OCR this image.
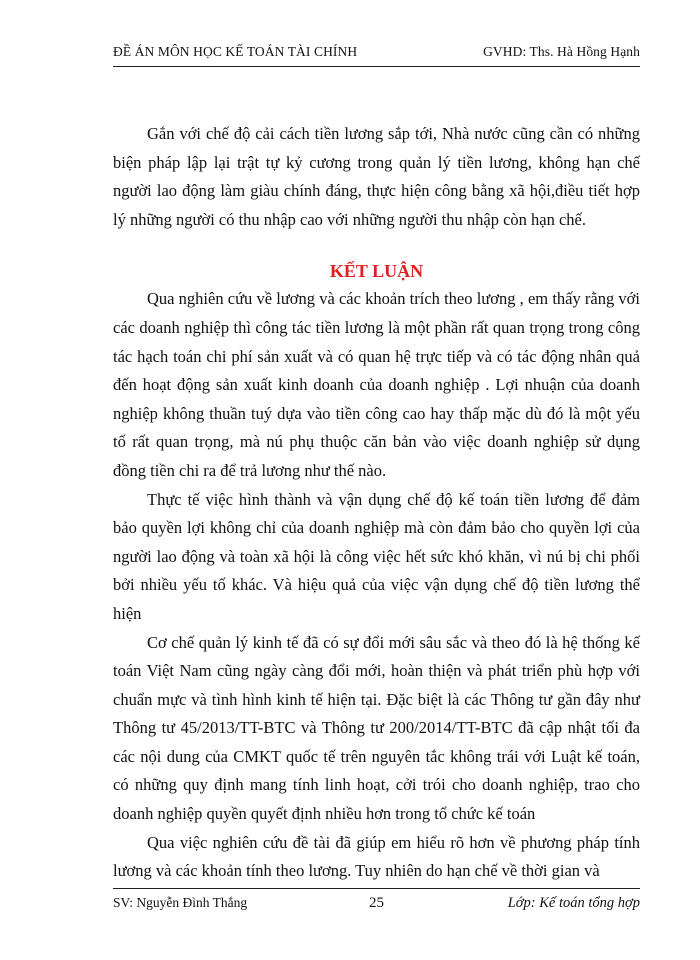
ĐỀ ÁN MÔN HỌC KẾ TOÁN TÀI CHÍNH	GVHD: Ths. Hà Hồng Hạnh

Gắn với chế độ cải cách tiền lương sắp tới, Nhà nước cũng cần có những biện pháp lập lại trật tự kỷ cương trong quản lý tiền lương, không hạn chế người lao động làm giàu chính đáng, thực hiện công bằng xã hội,điều tiết hợp lý những người có thu nhập cao với những người thu nhập còn hạn chế.

KẾT LUẬN

Qua nghiên cứu về lương và các khoản trích theo lương , em thấy rằng với các doanh nghiệp thì công tác tiền lương là một phần rất quan trọng trong công tác hạch toán chi phí sản xuất và có quan hệ trực tiếp và có tác động nhân quả đến hoạt động sản xuất kinh doanh của doanh nghiệp . Lợi nhuận của doanh nghiệp không thuần tuý dựa vào tiền công cao hay thấp mặc dù đó là một yếu tố rất quan trọng, mà nú phụ thuộc căn bản vào việc doanh nghiệp sử dụng đồng tiền chi ra để trả lương như thế nào.

Thực tế việc hình thành và vận dụng chế độ kế toán tiền lương để đảm bảo quyền lợi không chỉ của doanh nghiệp mà còn đảm bảo cho quyền lợi của người lao động và toàn xã hội là công việc hết sức khó khăn, vì nú bị chi phối bởi nhiều yếu tố khác. Và hiệu quả của việc vận dụng chế độ tiền lương thể hiện

Cơ chế quản lý kinh tế đã có sự đổi mới sâu sắc và theo đó là hệ thống kế toán Việt Nam cũng ngày càng đổi mới, hoàn thiện và phát triển phù hợp với chuẩn mực và tình hình kinh tế hiện tại. Đặc biệt là các Thông tư gần đây như Thông tư 45/2013/TT-BTC và Thông tư 200/2014/TT-BTC đã cập nhật tối đa các nội dung của CMKT quốc tế trên nguyên tắc không trái với Luật kế toán, có những quy định mang tính linh hoạt, cởi trói cho doanh nghiệp, trao cho doanh nghiệp quyền quyết định nhiều hơn trong tổ chức kế toán

Qua việc nghiên cứu đề tài đã giúp em hiểu rõ hơn về phương pháp tính lương và các khoản tính theo lương. Tuy nhiên do hạn chế về thời gian và

SV: Nguyễn Đình Thắng	25	Lớp: Kế toán tổng hợp
